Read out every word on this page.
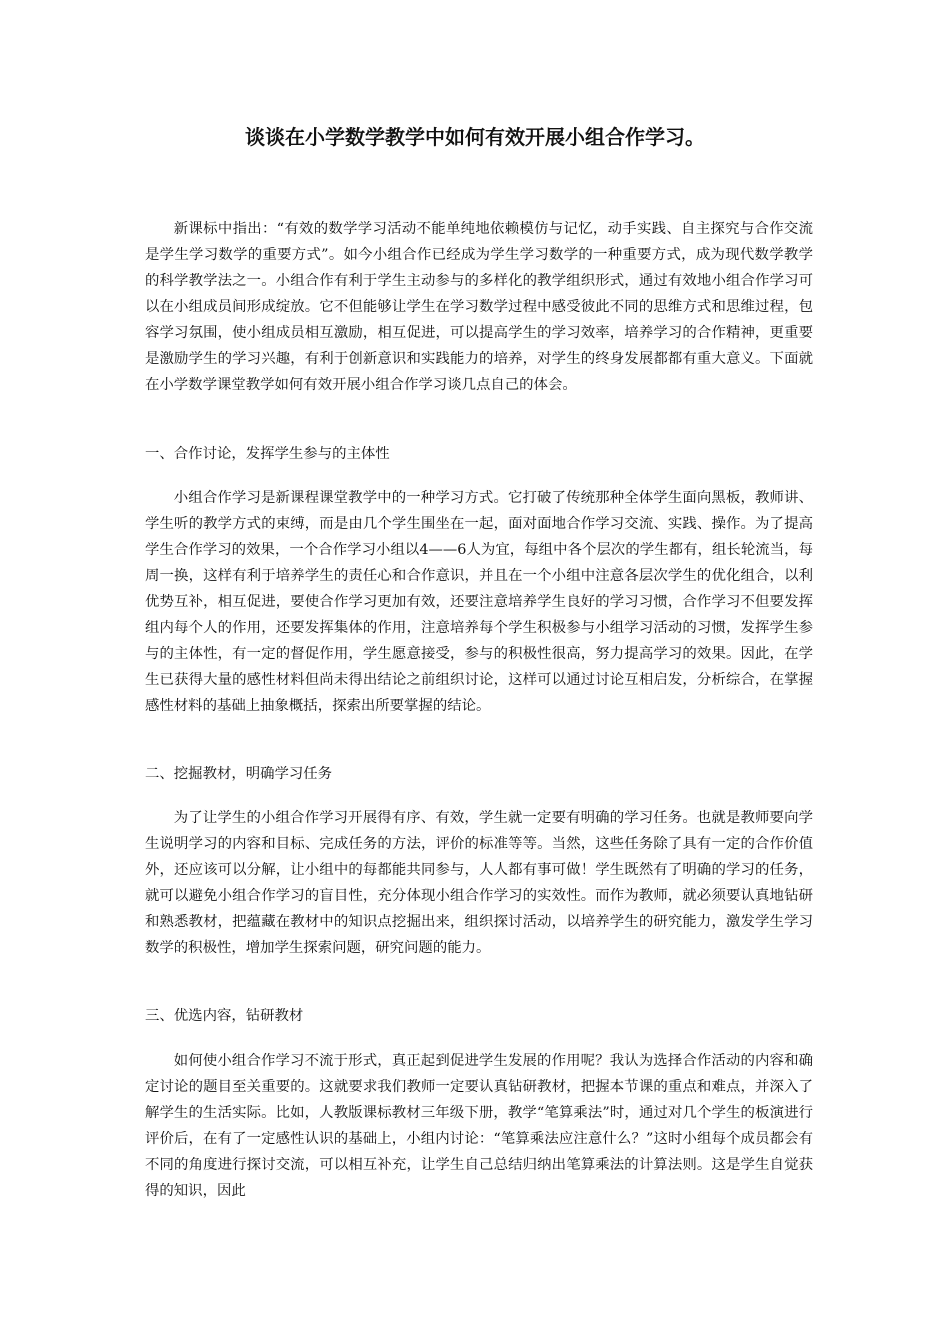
谈谈在小学数学教学中如何有效开展小组合作学习。

新课标中指出：“有效的数学学习活动不能单纯地依赖模仿与记忆，动手实践、自主探究与合作交流是学生学习数学的重要方式”。如今小组合作已经成为学生学习数学的一种重要方式，成为现代数学教学的科学教学法之一。小组合作有利于学生主动参与的多样化的教学组织形式，通过有效地小组合作学习可以在小组成员间形成绽放。它不但能够让学生在学习数学过程中感受彼此不同的思维方式和思维过程，包容学习氛围，使小组成员相互激励，相互促进，可以提高学生的学习效率，培养学习的合作精神，更重要是激励学生的学习兴趣，有利于创新意识和实践能力的培养，对学生的终身发展都都有重大意义。下面就在小学数学课堂教学如何有效开展小组合作学习谈几点自己的体会。

一、合作讨论，发挥学生参与的主体性

小组合作学习是新课程课堂教学中的一种学习方式。它打破了传统那种全体学生面向黑板，教师讲、学生听的教学方式的束缚，而是由几个学生围坐在一起，面对面地合作学习交流、实践、操作。为了提高学生合作学习的效果，一个合作学习小组以4——6人为宜，每组中各个层次的学生都有，组长轮流当，每周一换，这样有利于培养学生的责任心和合作意识，并且在一个小组中注意各层次学生的优化组合，以利优势互补，相互促进，要使合作学习更加有效，还要注意培养学生良好的学习习惯，合作学习不但要发挥组内每个人的作用，还要发挥集体的作用，注意培养每个学生积极参与小组学习活动的习惯，发挥学生参与的主体性，有一定的督促作用，学生愿意接受，参与的积极性很高，努力提高学习的效果。因此，在学生已获得大量的感性材料但尚未得出结论之前组织讨论，这样可以通过讨论互相启发，分析综合，在掌握感性材料的基础上抽象概括，探索出所要掌握的结论。

二、挖掘教材，明确学习任务

为了让学生的小组合作学习开展得有序、有效，学生就一定要有明确的学习任务。也就是教师要向学生说明学习的内容和目标、完成任务的方法，评价的标准等等。当然，这些任务除了具有一定的合作价值外，还应该可以分解，让小组中的每都能共同参与，人人都有事可做！学生既然有了明确的学习的任务，就可以避免小组合作学习的盲目性，充分体现小组合作学习的实效性。而作为教师，就必须要认真地钻研和熟悉教材，把蕴藏在教材中的知识点挖掘出来，组织探讨活动，以培养学生的研究能力，激发学生学习数学的积极性，增加学生探索问题，研究问题的能力。

三、优选内容，钻研教材

如何使小组合作学习不流于形式，真正起到促进学生发展的作用呢？我认为选择合作活动的内容和确定讨论的题目至关重要的。这就要求我们教师一定要认真钻研教材，把握本节课的重点和难点，并深入了解学生的生活实际。比如，人教版课标教材三年级下册，教学“笔算乘法”时，通过对几个学生的板演进行评价后，在有了一定感性认识的基础上，小组内讨论：“笔算乘法应注意什么？”这时小组每个成员都会有不同的角度进行探讨交流，可以相互补充，让学生自己总结归纳出笔算乘法的计算法则。这是学生自觉获得的知识，因此
